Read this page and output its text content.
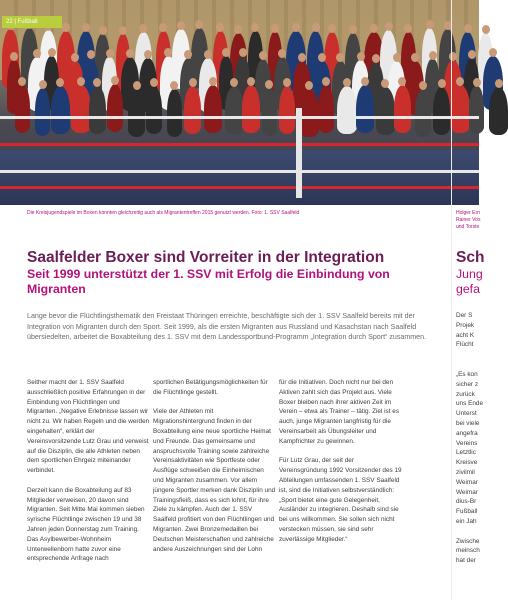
22 | Fußball
Die Kreisjugendspiele im Boxen konnten gleichzeitig auch als Migrantentreffen 2015 genutzt werden. Foto: 1. SSV Saalfeld	Holger Ern
Rainer Vos
und Torste
Saalfelder Boxer sind Vorreiter in der Integration
Seit 1999 unterstützt der 1. SSV mit Erfolg die Einbindung von Migranten
Sch
Jung
gefa

Lange bevor die Flüchtlingsthematik den Freistaat Thüringen erreichte, beschäftigte sich der 1. SSV Saalfeld bereits mit der Integration von Migranten durch den Sport. Seit 1999, als die ersten Migranten aus Russland und Kasachstan nach Saalfeld übersiedelten, arbeitet die Boxabteilung des 1. SSV mit dem Landessportbund-Programm „Integration durch Sport“ zusammen.

Seither macht der 1. SSV Saalfeld ausschließlich positive Erfahrungen in der Einbindung von Flüchtlingen und Migranten. „Negative Erlebnisse lassen wir nicht zu. Wir haben Regeln und die werden eingehalten“, erklärt der Vereinsvorsitzende Lutz Grau und verweist auf die Disziplin, die alle Athleten neben dem sportlichen Ehrgeiz miteinander verbindet.

Derzeit kann die Boxabteilung auf 83 Mitglieder verweisen, 20 davon sind Migranten. Seit Mitte Mai kommen sieben syrische Flüchtlinge zwischen 19 und 38 Jahren jeden Donnerstag zum Training. Das Asylbewerber-Wohnheim Unterwellenborn hatte zuvor eine entsprechende Anfrage nach

sportlichen Betätigungsmöglichkeiten für die Flüchtlinge gestellt.

Viele der Athleten mit Migrationshintergrund finden in der Boxabteilung eine neue sportliche Heimat und Freunde. Das gemeinsame und anspruchsvolle Training sowie zahlreiche Vereinsaktivitäten wie Sportfeste oder Ausflüge schweißen die Einheimischen und Migranten zusammen. Vor allem jüngere Sportler merken dank Disziplin und Trainingsfleiß, dass es sich lohnt, für ihre Ziele zu kämpfen. Auch der 1. SSV Saalfeld profitiert von den Flüchtlingen und Migranten. Zwei Bronzemedaillen bei Deutschen Meisterschaften und zahlreiche andere Auszeichnungen sind der Lohn

für die Initiativen. Doch nicht nur bei den Aktiven zahlt sich das Projekt aus. Viele Boxer bleiben nach ihrer aktiven Zeit im Verein – etwa als Trainer – tätig. Ziel ist es auch, junge Migranten langfristig für die Vereinsarbeit als Übungsleiter und Kampfrichter zu gewinnen.

Für Lutz Grau, der seit der Vereinsgründung 1992 Vorsitzender des 19 Abteilungen umfassenden 1. SSV Saalfeld ist, sind die Initiativen selbstverständlich: „Sport bietet eine gute Gelegenheit, Ausländer zu integrieren. Deshalb sind sie bei uns willkommen. Sie sollen sich nicht verstecken müssen, sie sind sehr zuverlässige Mitglieder.“

Der S
Projek
acht K
Flücht
„Es kon
sicher z
zurück
uns Ende
Unterst
bei viele
angefra
Vereins
Letztlic
Kreisve
zivilmil
Weimar
Weimar
dius-Br
Fußball
ein Jah

Zwische
meinsch
hat der
